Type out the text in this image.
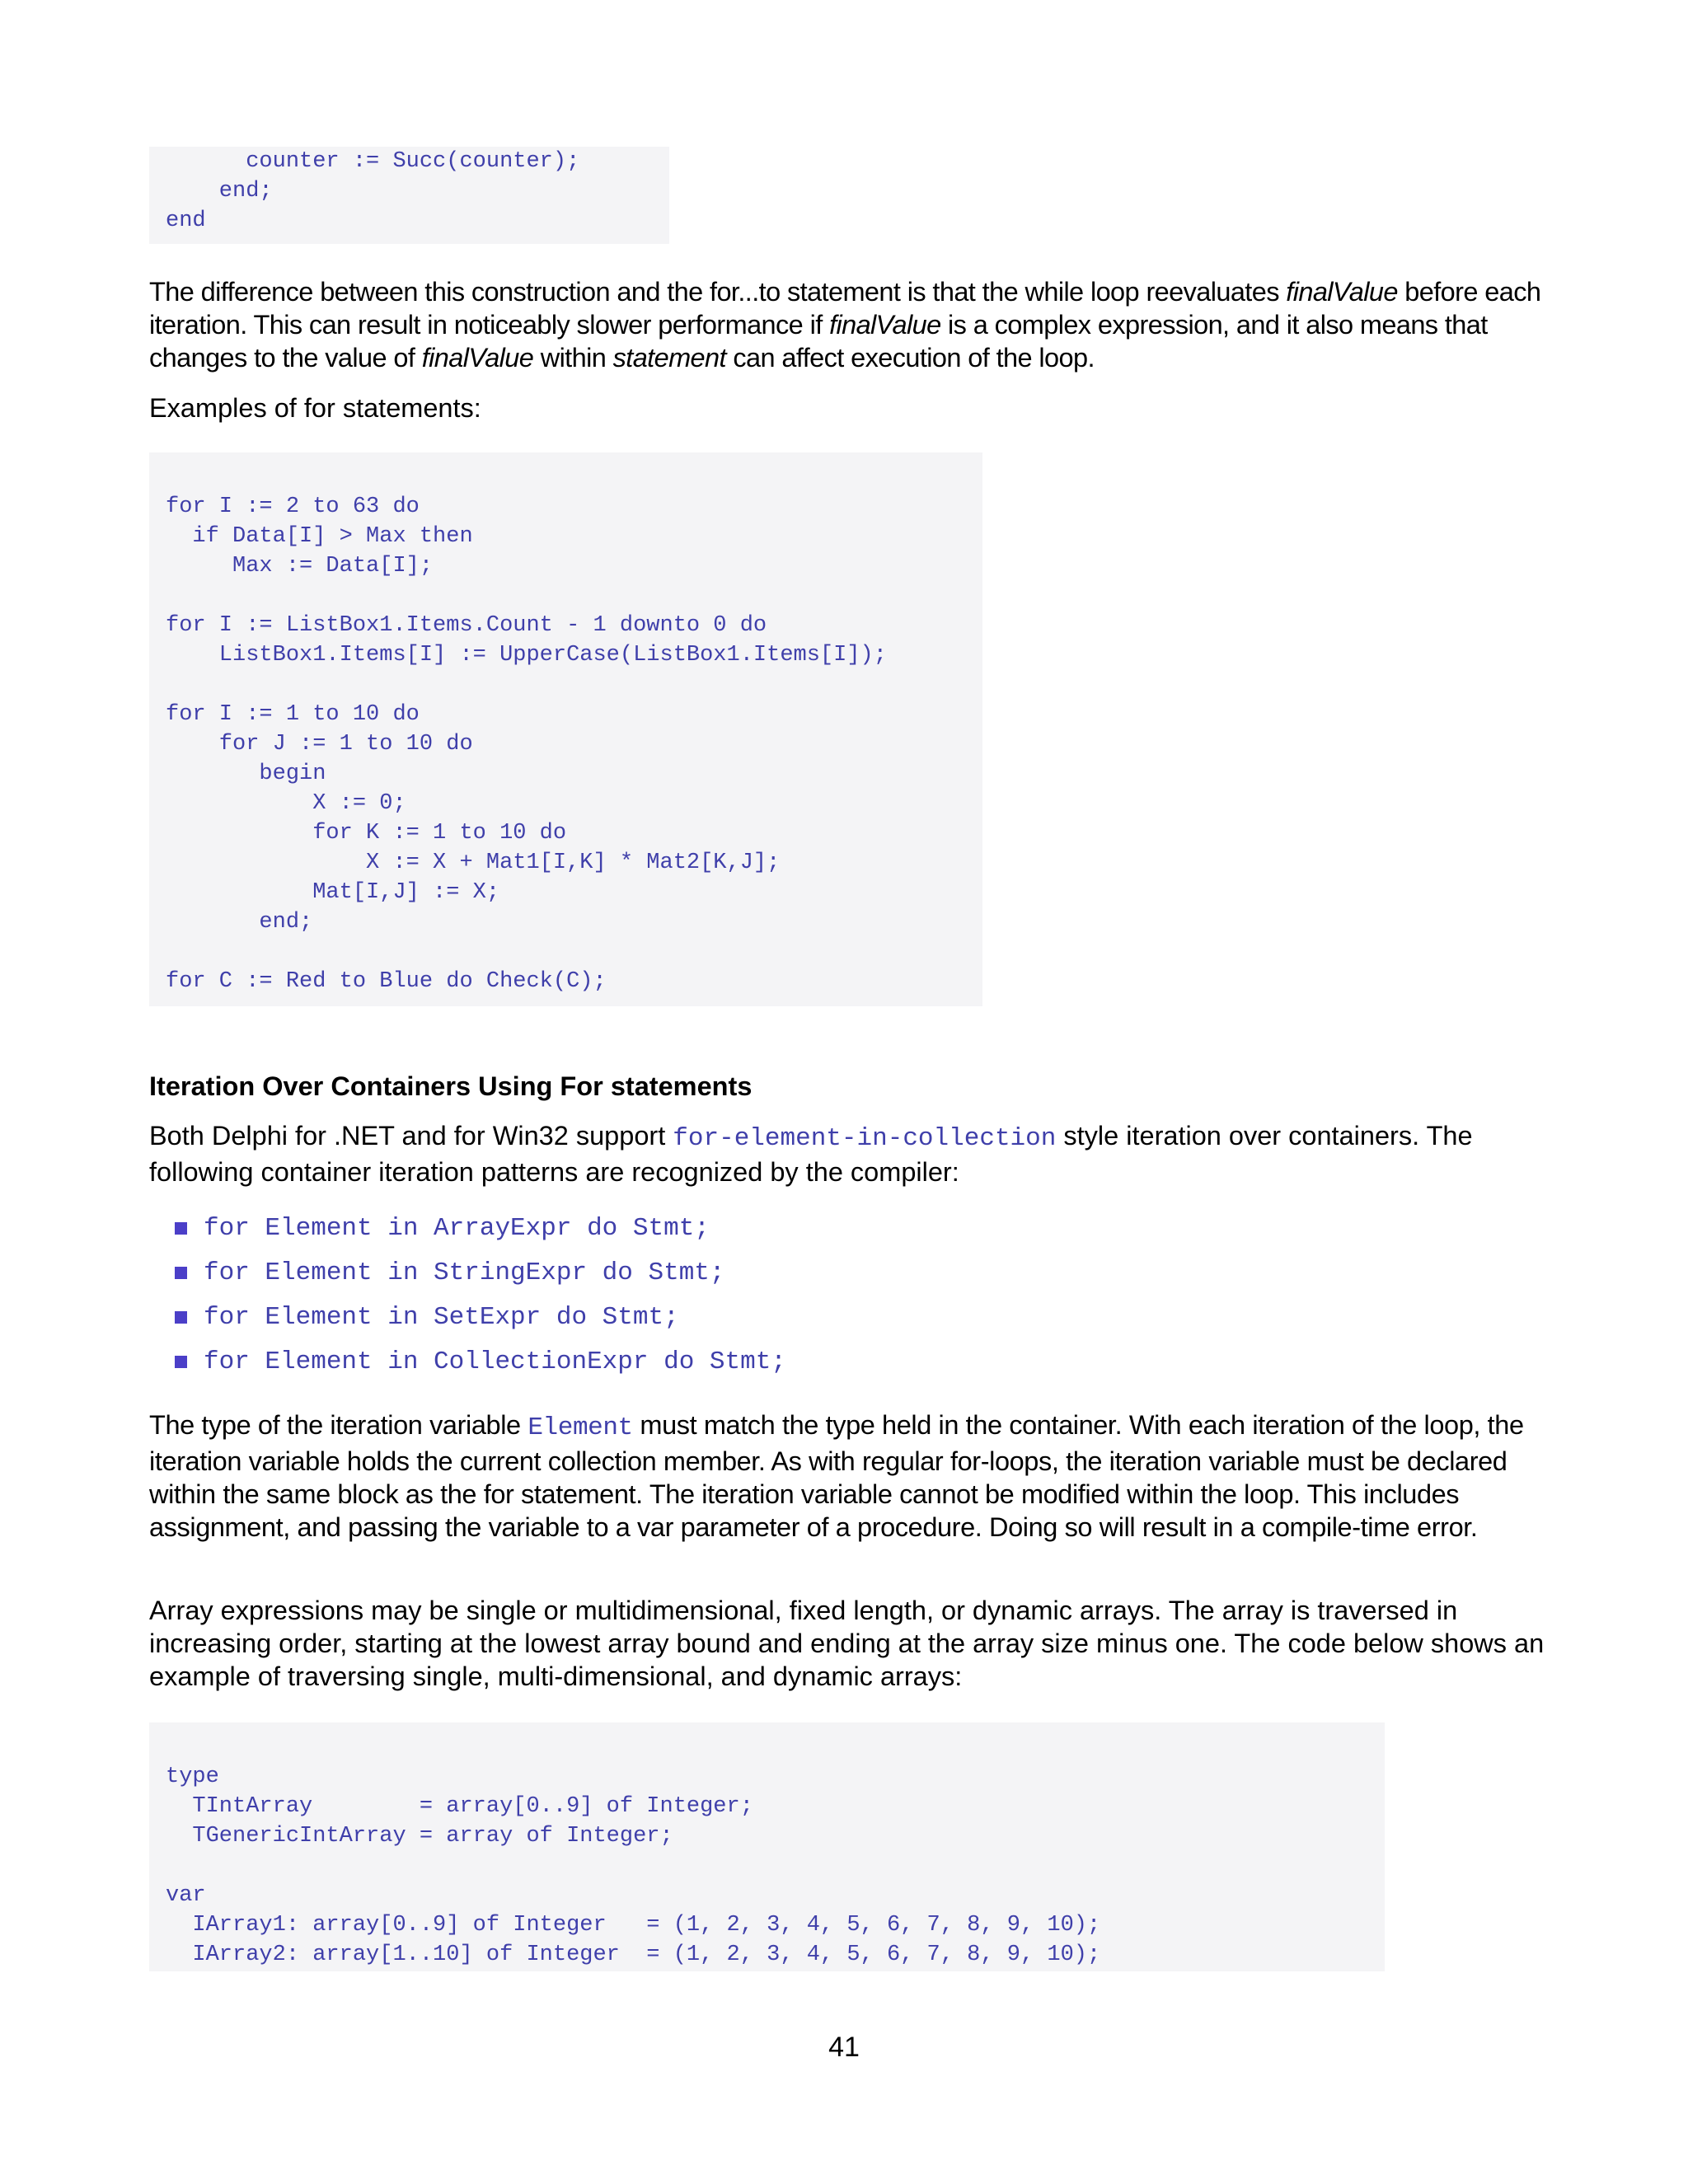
counter := Succ(counter);
end;
end

The difference between this construction and the for...to statement is that the while loop reevaluates finalValue before each iteration. This can result in noticeably slower performance if finalValue is a complex expression, and it also means that changes to the value of finalValue within statement can affect execution of the loop.

Examples of for statements:

for I := 2 to 63 do
if Data[I] > Max then
Max := Data[I];
for I := ListBox1.Items.Count - 1 downto 0 do
ListBox1.Items[I] := UpperCase(ListBox1.Items[I]);
for I := 1 to 10 do
for J := 1 to 10 do
begin
X := 0;
for K := 1 to 10 do
X := X + Mat1[I,K] * Mat2[K,J];
Mat[I,J] := X;
end;
for C := Red to Blue do Check(C);
Iteration Over Containers Using For statements

Both Delphi for .NET and for Win32 support for-element-in-collection style iteration over containers. The following container iteration patterns are recognized by the compiler:

for Element in ArrayExpr do Stmt;
for Element in StringExpr do Stmt;
for Element in SetExpr do Stmt;
for Element in CollectionExpr do Stmt;

The type of the iteration variable Element must match the type held in the container. With each iteration of the loop, the iteration variable holds the current collection member. As with regular for-loops, the iteration variable must be declared within the same block as the for statement. The iteration variable cannot be modified within the loop. This includes assignment, and passing the variable to a var parameter of a procedure. Doing so will result in a compile-time error.

Array expressions may be single or multidimensional, fixed length, or dynamic arrays. The array is traversed in increasing order, starting at the lowest array bound and ending at the array size minus one. The code below shows an example of traversing single, multi-dimensional, and dynamic arrays:

type
TIntArray        = array[0..9] of Integer;
TGenericIntArray = array of Integer;
var
IArray1: array[0..9] of Integer   = (1, 2, 3, 4, 5, 6, 7, 8, 9, 10);
IArray2: array[1..10] of Integer  = (1, 2, 3, 4, 5, 6, 7, 8, 9, 10);

41
